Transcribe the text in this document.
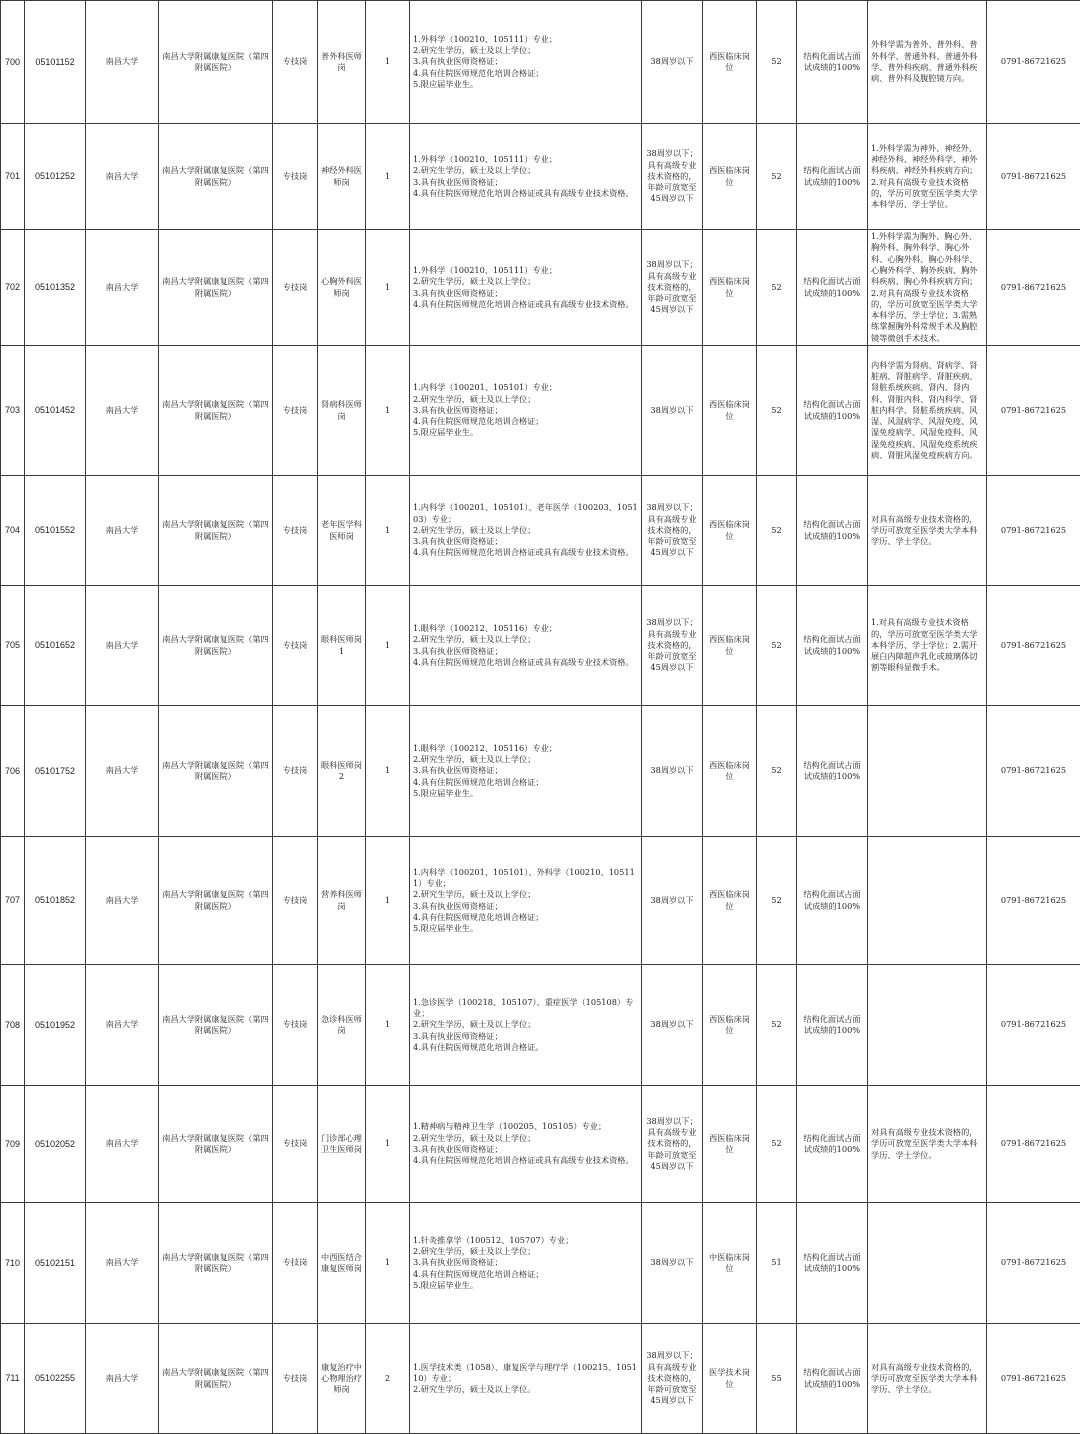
700	05101152	南昌大学	南昌大学附属康复医院（第四附属医院）	专技岗	普外科医师岗	1	1.外科学（100210、105111）专业；
2.研究生学历，硕士及以上学位；
3.具有执业医师资格证；
4.具有住院医师规范化培训合格证；
5.限应届毕业生。	38周岁以下	西医临床岗位	52	结构化面试占面试成绩的100%	外科学需为普外、普外科、普外科学、普通外科、普通外科学、普外科疾病、普通外科疾病、普外科及腹腔镜方向。	0791-86721625
701	05101252	南昌大学	南昌大学附属康复医院（第四附属医院）	专技岗	神经外科医师岗	1	1.外科学（100210、105111）专业；
2.研究生学历，硕士及以上学位；
3.具有执业医师资格证；
4.具有住院医师规范化培训合格证或具有高级专业技术资格。	38周岁以下；具有高级专业技术资格的，年龄可放宽至45周岁以下	西医临床岗位	52	结构化面试占面试成绩的100%	1.外科学需为神外、神经外、神经外科、神经外科学、神外科疾病、神经外科疾病方向；2.对具有高级专业技术资格的，学历可放宽至医学类大学本科学历、学士学位。	0791-86721625
702	05101352	南昌大学	南昌大学附属康复医院（第四附属医院）	专技岗	心胸外科医师岗	1	1.外科学（100210、105111）专业；
2.研究生学历，硕士及以上学位；
3.具有执业医师资格证；
4.具有住院医师规范化培训合格证或具有高级专业技术资格。	38周岁以下；具有高级专业技术资格的，年龄可放宽至45周岁以下	西医临床岗位	52	结构化面试占面试成绩的100%	1.外科学需为胸外、胸心外、胸外科、胸外科学、胸心外科、心胸外科、胸心外科学、心胸外科学、胸外疾病、胸外科疾病、胸心外科疾病方向；2.对具有高级专业技术资格的，学历可放宽至医学类大学本科学历、学士学位；3.需熟练掌握胸外科常规手术及胸腔镜等微创手术技术。	0791-86721625
703	05101452	南昌大学	南昌大学附属康复医院（第四附属医院）	专技岗	肾病科医师岗	1	1.内科学（100201、105101）专业；
2.研究生学历，硕士及以上学位；
3.具有执业医师资格证；
4.具有住院医师规范化培训合格证；
5.限应届毕业生。	38周岁以下	西医临床岗位	52	结构化面试占面试成绩的100%	内科学需为肾病、肾病学、肾脏病、肾脏病学、肾脏疾病、肾脏系统疾病、肾内、肾内科、肾脏内科、肾内科学、肾脏内科学、肾脏系统疾病、风湿、风湿病学、风湿免疫、风湿免疫病学、风湿免疫科、风湿免疫疾病、风湿免疫系统疾病、肾脏风湿免疫疾病方向。	0791-86721625
704	05101552	南昌大学	南昌大学附属康复医院（第四附属医院）	专技岗	老年医学科医师岗	1	1.内科学（100201、105101）、老年医学（100203、105103）专业；
2.研究生学历，硕士及以上学位；
3.具有执业医师资格证；
4.具有住院医师规范化培训合格证或具有高级专业技术资格。	38周岁以下；具有高级专业技术资格的，年龄可放宽至45周岁以下	西医临床岗位	52	结构化面试占面试成绩的100%	对具有高级专业技术资格的，学历可放宽至医学类大学本科学历、学士学位。	0791-86721625
705	05101652	南昌大学	南昌大学附属康复医院（第四附属医院）	专技岗	眼科医师岗1	1	1.眼科学（100212、105116）专业；
2.研究生学历，硕士及以上学位；
3.具有执业医师资格证；
4.具有住院医师规范化培训合格证或具有高级专业技术资格。	38周岁以下；具有高级专业技术资格的，年龄可放宽至45周岁以下	西医临床岗位	52	结构化面试占面试成绩的100%	1.对具有高级专业技术资格的，学历可放宽至医学类大学本科学历、学士学位；2.需开展白内障超声乳化或玻璃体切割等眼科显微手术。	0791-86721625
706	05101752	南昌大学	南昌大学附属康复医院（第四附属医院）	专技岗	眼科医师岗2	1	1.眼科学（100212、105116）专业；
2.研究生学历，硕士及以上学位；
3.具有执业医师资格证；
4.具有住院医师规范化培训合格证；
5.限应届毕业生。	38周岁以下	西医临床岗位	52	结构化面试占面试成绩的100%		0791-86721625
707	05101852	南昌大学	南昌大学附属康复医院（第四附属医院）	专技岗	营养科医师岗	1	1.内科学（100201、105101）、外科学（100210、105111）专业；
2.研究生学历，硕士及以上学位；
3.具有执业医师资格证；
4.具有住院医师规范化培训合格证；
5.限应届毕业生。	38周岁以下	西医临床岗位	52	结构化面试占面试成绩的100%		0791-86721625
708	05101952	南昌大学	南昌大学附属康复医院（第四附属医院）	专技岗	急诊科医师岗	1	1.急诊医学（100218、105107）、重症医学（105108）专业；
2.研究生学历，硕士及以上学位；
3.具有执业医师资格证；
4.具有住院医师规范化培训合格证。	38周岁以下	西医临床岗位	52	结构化面试占面试成绩的100%		0791-86721625
709	05102052	南昌大学	南昌大学附属康复医院（第四附属医院）	专技岗	门诊部心理卫生医师岗	1	1.精神病与精神卫生学（100205、105105）专业；
2.研究生学历，硕士及以上学位；
3.具有执业医师资格证；
4.具有住院医师规范化培训合格证或具有高级专业技术资格。	38周岁以下；具有高级专业技术资格的，年龄可放宽至45周岁以下	西医临床岗位	52	结构化面试占面试成绩的100%	对具有高级专业技术资格的，学历可放宽至医学类大学本科学历、学士学位。	0791-86721625
710	05102151	南昌大学	南昌大学附属康复医院（第四附属医院）	专技岗	中西医结合康复医师岗	1	1.针灸推拿学（100512、105707）专业；
2.研究生学历，硕士及以上学位；
3.具有执业医师资格证；
4.具有住院医师规范化培训合格证；
5.限应届毕业生。	38周岁以下	中医临床岗位	51	结构化面试占面试成绩的100%		0791-86721625
711	05102255	南昌大学	南昌大学附属康复医院（第四附属医院）	专技岗	康复治疗中心物理治疗师岗	2	1.医学技术类（1058）、康复医学与理疗学（100215、105110）专业；
2.研究生学历，硕士及以上学位。	38周岁以下；具有高级专业技术资格的，年龄可放宽至45周岁以下	医学技术岗位	55	结构化面试占面试成绩的100%	对具有高级专业技术资格的，学历可放宽至医学类大学本科学历、学士学位。	0791-86721625
